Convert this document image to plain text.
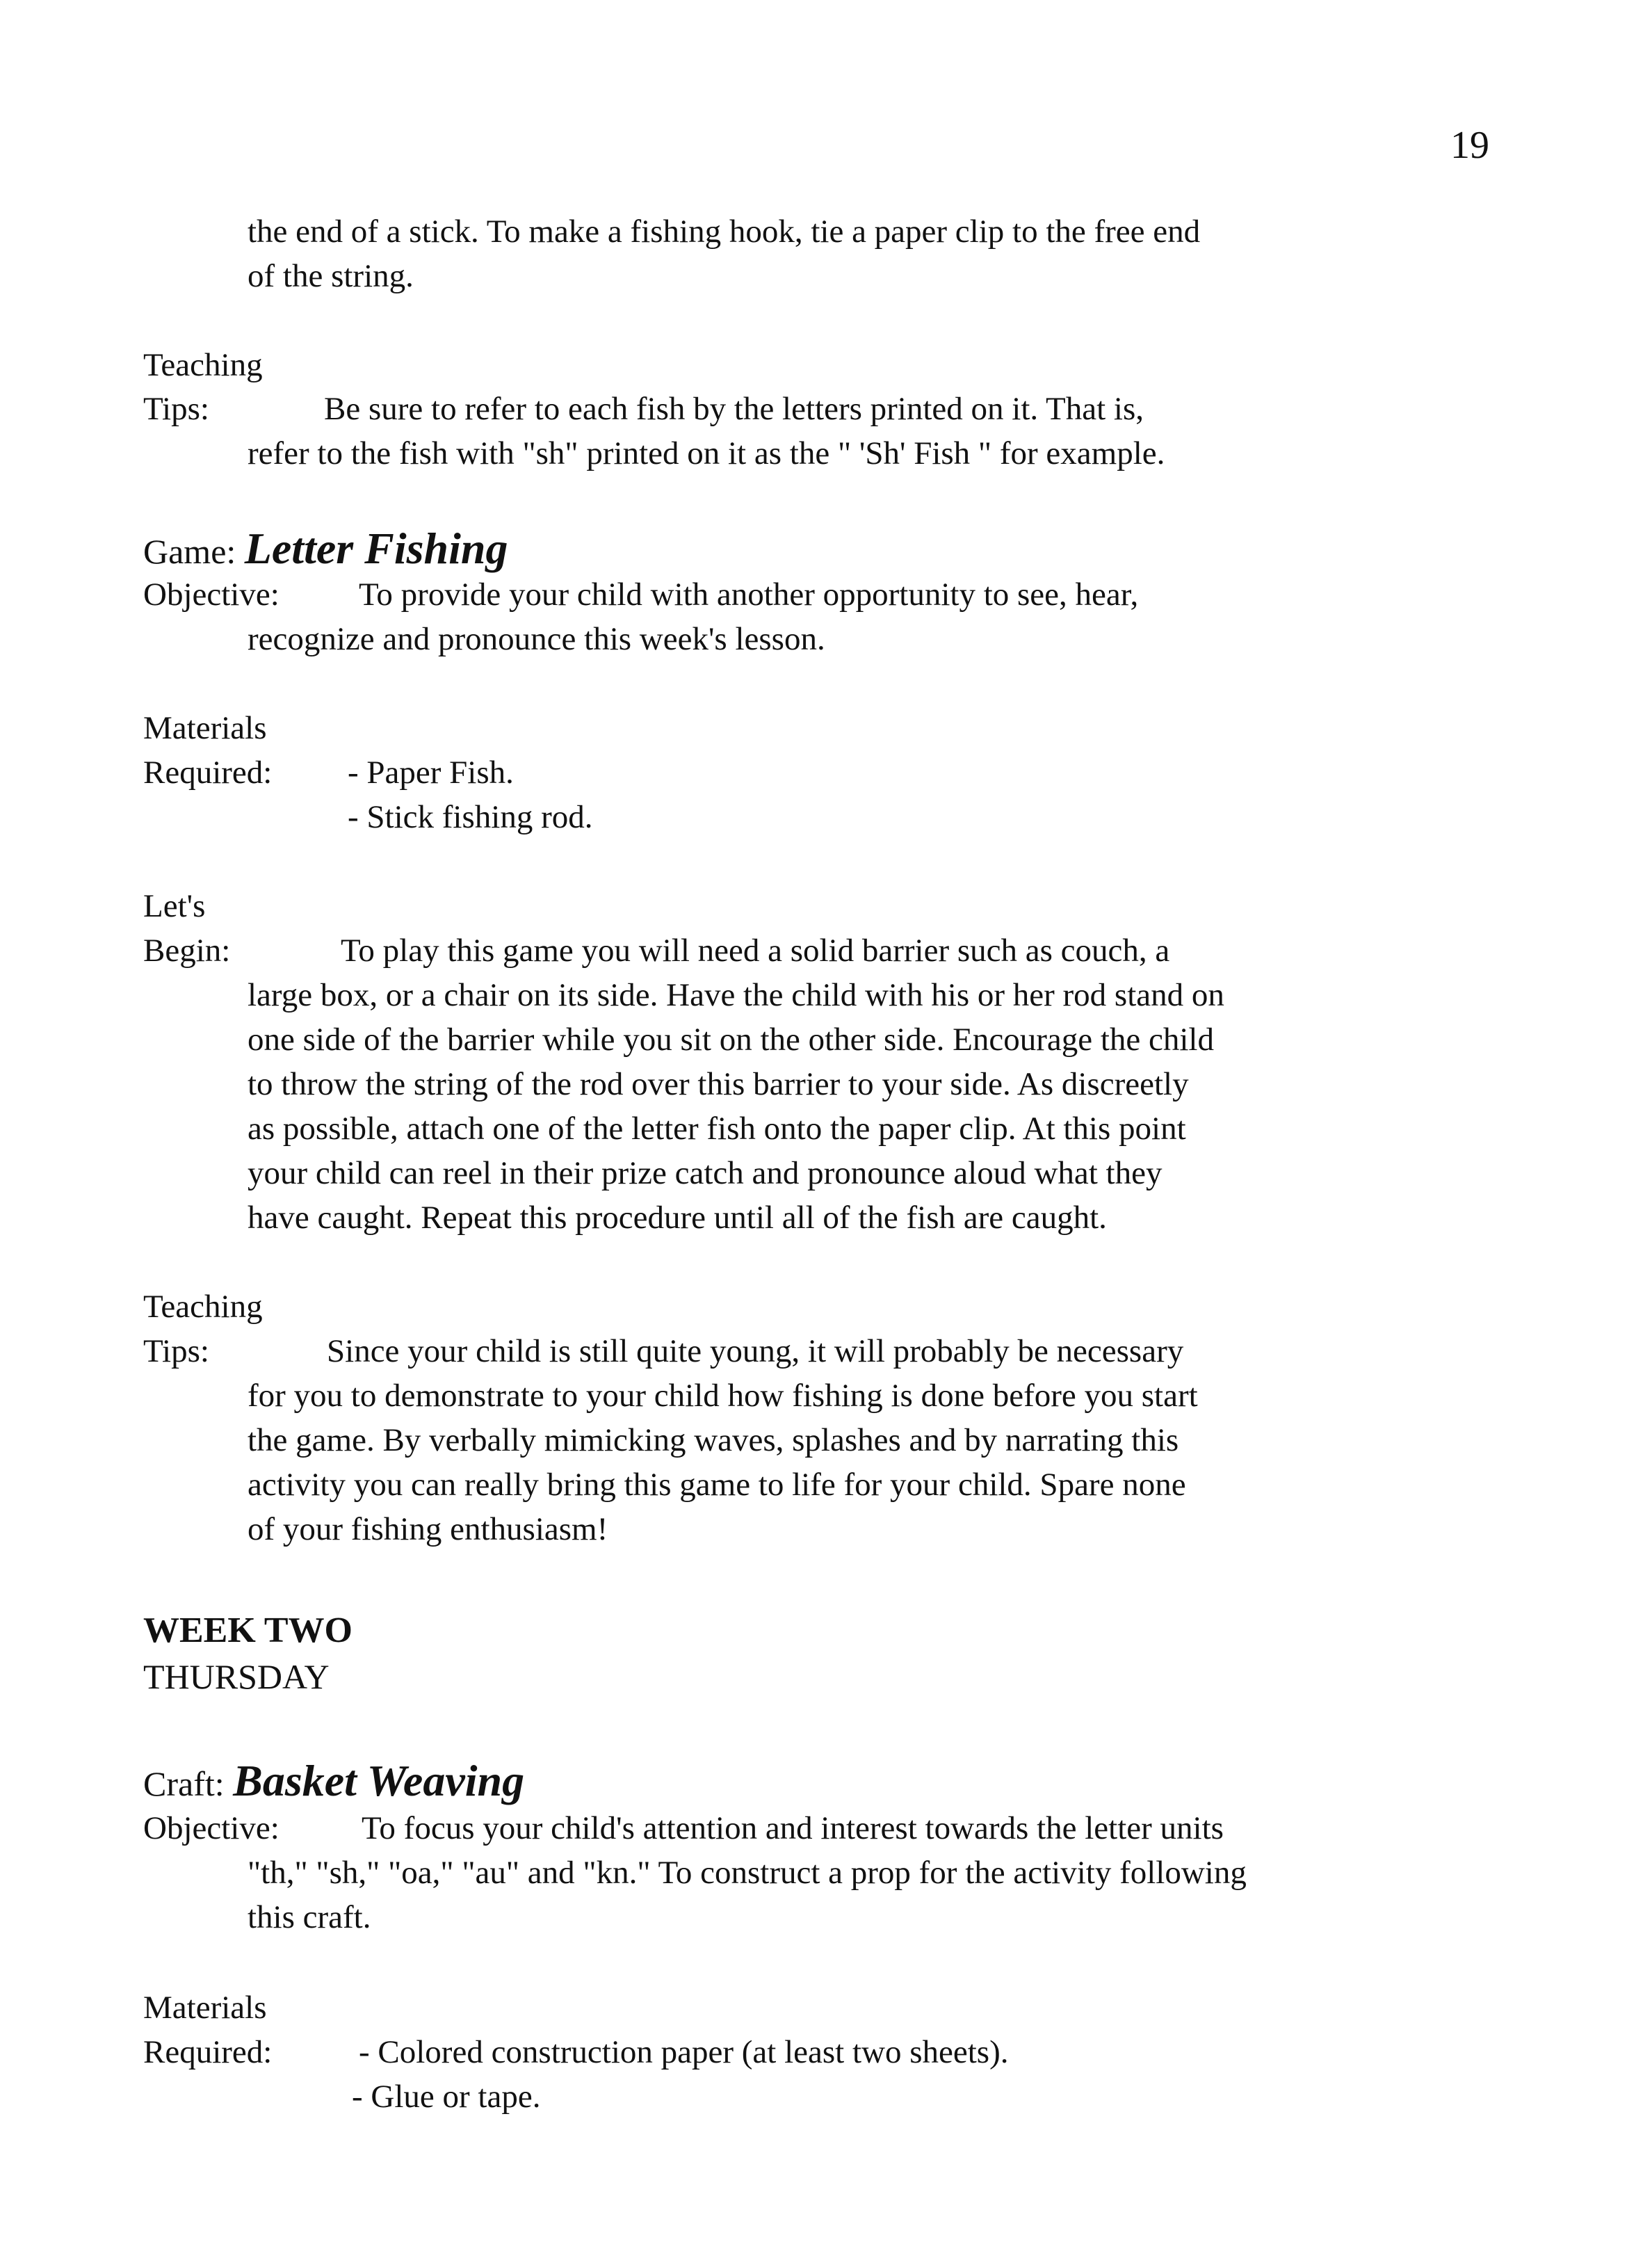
19
the end of a stick. To make a fishing hook, tie a paper clip to the free end
of the string.
Teaching
Tips:	Be sure to refer to each fish by the letters printed on it. That is,
refer to the fish with "sh" printed on it as the " 'Sh' Fish " for example.
Game: Letter Fishing
Objective: To provide your child with another opportunity to see, hear,
recognize and pronounce this week's lesson.
Materials
Required: - Paper Fish.
- Stick fishing rod.
Let's
Begin:	To play this game you will need a solid barrier such as couch, a
large box, or a chair on its side. Have the child with his or her rod stand on
one side of the barrier while you sit on the other side. Encourage the child
to throw the string of the rod over this barrier to your side. As discreetly
as possible, attach one of the letter fish onto the paper clip. At this point
your child can reel in their prize catch and pronounce aloud what they
have caught. Repeat this procedure until all of the fish are caught.
Teaching
Tips:	Since your child is still quite young, it will probably be necessary
for you to demonstrate to your child how fishing is done before you start
the game. By verbally mimicking waves, splashes and by narrating this
activity you can really bring this game to life for your child. Spare none
of your fishing enthusiasm!
WEEK TWO
THURSDAY
Craft: Basket Weaving
Objective:	To focus your child's attention and interest towards the letter units
"th," "sh," "oa," "au" and "kn." To construct a prop for the activity following
this craft.
Materials
Required:	- Colored construction paper (at least two sheets).
- Glue or tape.
